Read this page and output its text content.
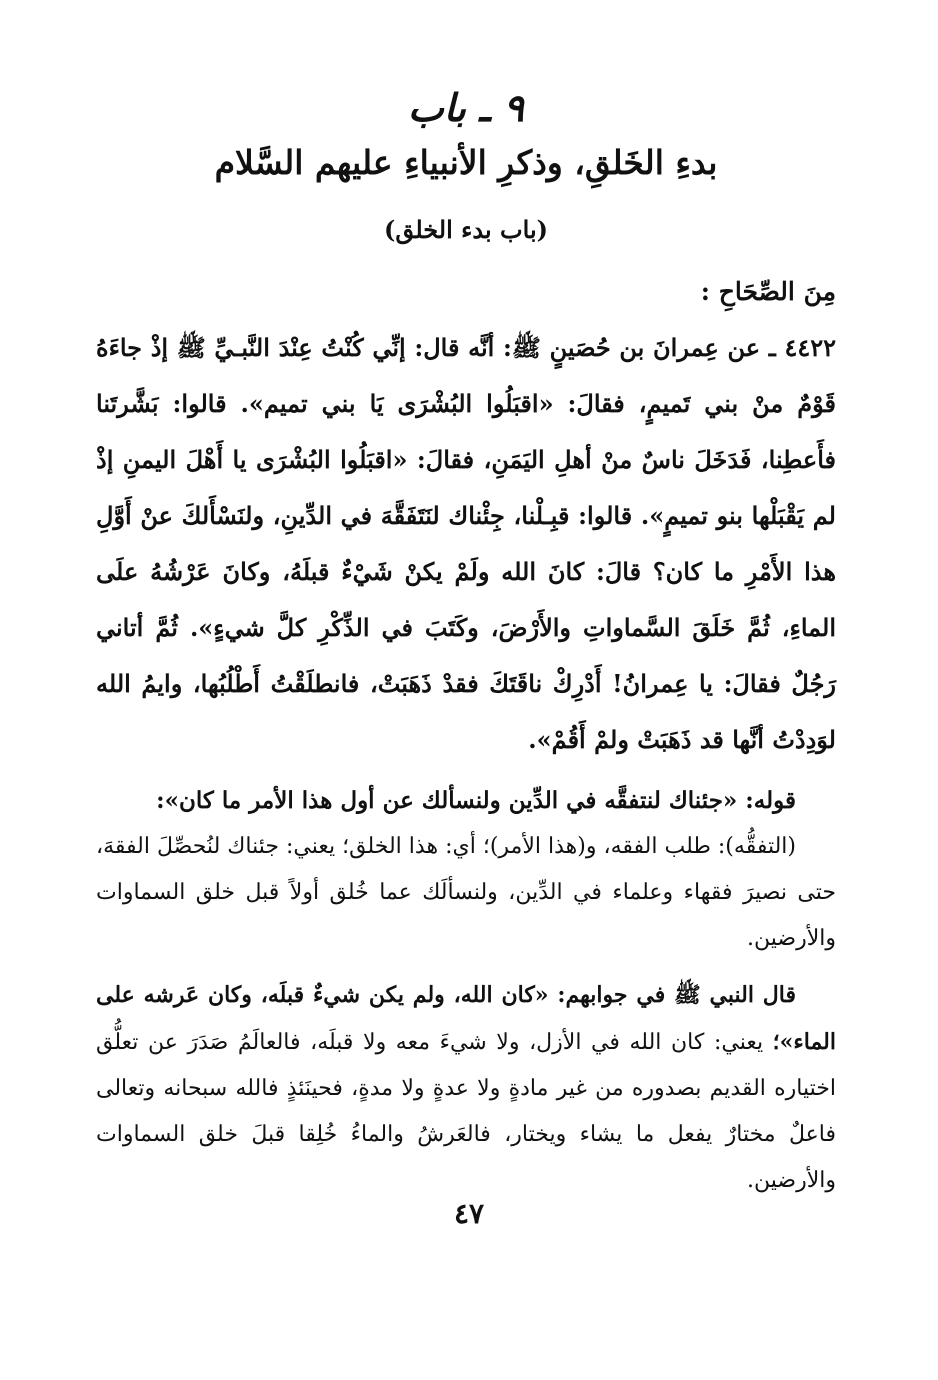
٩ ـ باب
بدءِ الخَلقِ، وذكرِ الأنبياءِ عليهم السَّلام
(باب بدء الخلق)

مِنَ الصِّحَاحِ :

٤٤٢٢ ـ عن عِمرانَ بن حُصَينٍ ﷺ: أنَّه قال: إنِّي كُنْتُ عِنْدَ النَّبـيِّ ﷺ إذْ جاءَهُ قَوْمٌ منْ بني تَميمٍ، فقالَ: «اقبَلُوا البُشْرَى يَا بني تميم». قالوا: بَشَّرتَنا فأَعطِنا، فَدَخَلَ ناسٌ منْ أهلِ اليَمَنِ، فقالَ: «اقبَلُوا البُشْرَى يا أَهْلَ اليمنِ إذْ لم يَقْبَلْها بنو تميمٍ». قالوا: قبِـلْنا، جِئْناك لنَتَفَقَّهَ في الدِّينِ، ولنَسْأَلكَ عنْ أَوَّلِ هذا الأَمْرِ ما كان؟ قالَ: كانَ الله ولَمْ يكنْ شَيْءٌ قبلَهُ، وكانَ عَرْشُهُ علَى الماءِ، ثُمَّ خَلَقَ السَّماواتِ والأَرْضَ، وكَتَبَ في الذِّكْرِ كلَّ شيءٍ». ثُمَّ أتاني رَجُلٌ فقالَ: يا عِمرانُ! أَدْرِكْ ناقَتَكَ فقدْ ذَهَبَتْ، فانطلَقْتُ أَطْلُبُها، وايمُ الله لوَدِدْتُ أنَّها قد ذَهَبَتْ ولمْ أَقُمْ».

قوله: «جئناك لنتفقَّه في الدِّين ولنسألك عن أول هذا الأمر ما كان»:

(التفقُّه): طلب الفقه، و(هذا الأمر)؛ أي: هذا الخلق؛ يعني: جئناك لنُحصِّلَ الفقهَ، حتى نصيرَ فقهاء وعلماء في الدِّين، ولنسألَك عما خُلق أولاً قبل خلق السماوات والأرضين.

قال النبي ﷺ في جوابهم: «كان الله، ولم يكن شيءٌ قبلَه، وكان عَرشه على الماء»؛ يعني: كان الله في الأزل، ولا شيءَ معه ولا قبلَه، فالعالَمُ صَدَرَ عن تعلُّق اختياره القديم بصدوره من غير مادةٍ ولا عدةٍ ولا مدةٍ، فحينَئذٍ فالله سبحانه وتعالى فاعلٌ مختارٌ يفعل ما يشاء ويختار، فالعَرشُ والماءُ خُلِقا قبلَ خلق السماوات والأرضين.

٤٧
